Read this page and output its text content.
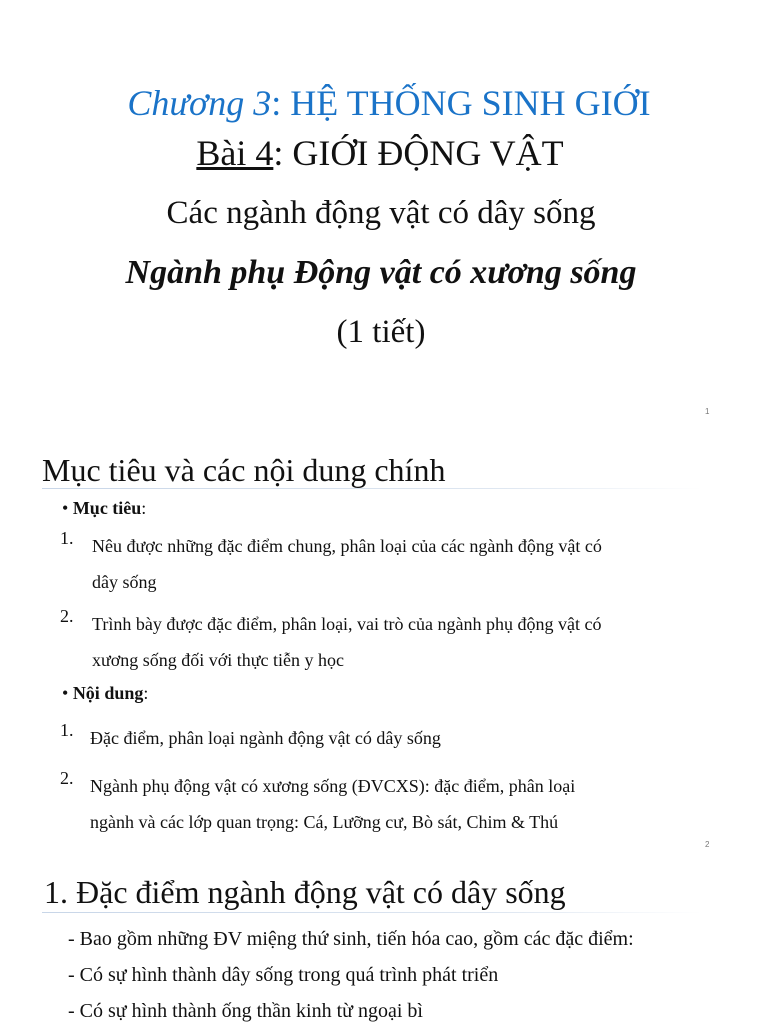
Chương 3: HỆ THỐNG SINH GIỚI
Bài 4: GIỚI ĐỘNG VẬT
Các ngành động vật có dây sống
Ngành phụ Động vật có xương sống
(1 tiết)
1
Mục tiêu và các nội dung chính
• Mục tiêu:
1. Nêu được những đặc điểm chung, phân loại của các ngành động vật có
dây sống
2. Trình bày được đặc điểm, phân loại, vai trò của ngành phụ động vật có
xương sống đối với thực tiễn y học
• Nội dung:
1. Đặc điểm, phân loại ngành động vật có dây sống
2. Ngành phụ động vật có xương sống (ĐVCXS): đặc điểm, phân loại
ngành và các lớp quan trọng: Cá, Lưỡng cư, Bò sát, Chim & Thú
2
1. Đặc điểm ngành động vật có dây sống
- Bao gồm những ĐV miệng thứ sinh, tiến hóa cao, gồm các đặc điểm:
- Có sự hình thành dây sống trong quá trình phát triển
- Có sự hình thành ống thần kinh từ ngoại bì
